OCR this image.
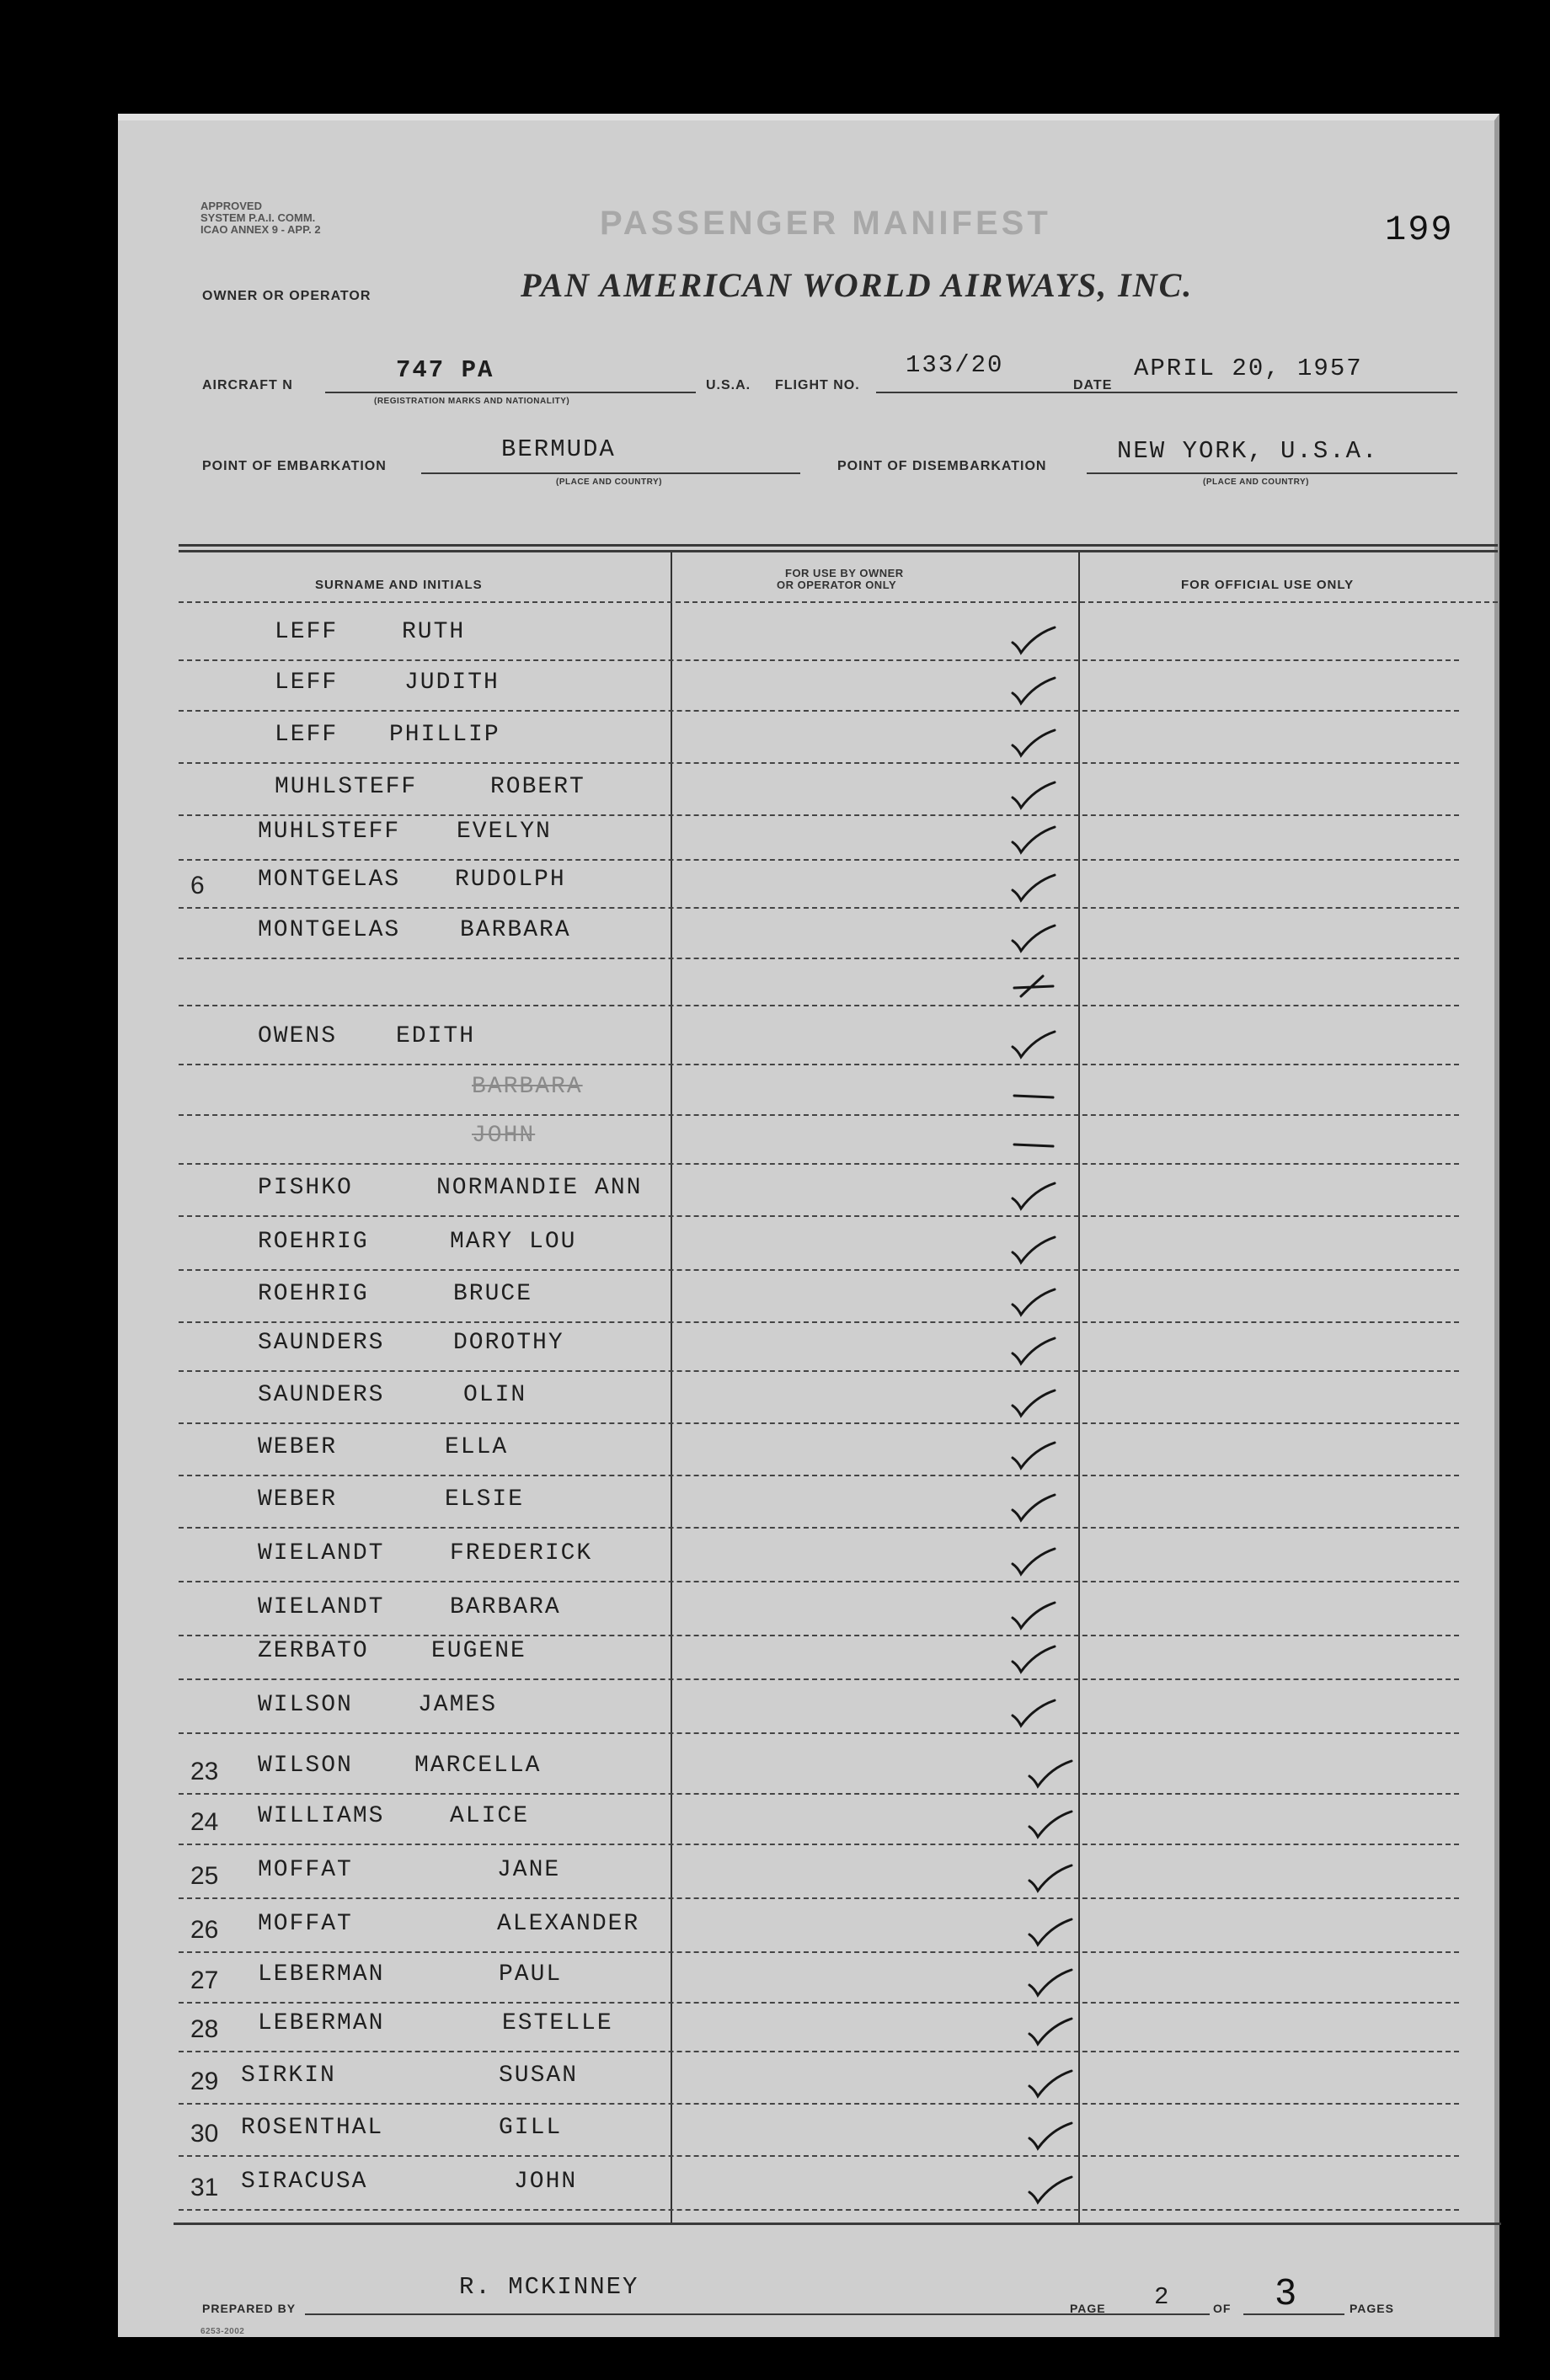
APPROVED
SYSTEM P.A.I. COMM.
ICAO ANNEX 9 - APP. 2	PASSENGER MANIFEST	199
OWNER OR OPERATOR	PAN AMERICAN WORLD AIRWAYS, INC.
AIRCRAFT N
747 PA
(REGISTRATION MARKS AND NATIONALITY)
U.S.A. FLIGHT NO.
133/20
DATE
APRIL 20, 1957
POINT OF EMBARKATION
BERMUDA
(PLACE AND COUNTRY)
POINT OF DISEMBARKATION
NEW YORK, U.S.A.
(PLACE AND COUNTRY)
SURNAME AND INITIALS
FOR USE BY OWNER
OR OPERATOR ONLY	FOR OFFICIAL USE ONLY
LEFF	RUTH
LEFF	JUDITH
LEFF PHILLIP
MUHLSTEFF	ROBERT
MUHLSTEFF EVELYN
6 MONTGELAS RUDOLPH
MONTGELAS	BARBARA
OWENS EDITH
BARBARA
JOHN
PISHKO	NORMANDIE ANN
ROEHRIG	MARY LOU
ROEHRIG	BRUCE
SAUNDERS	DOROTHY
SAUNDERS	OLIN
WEBER	ELLA
WEBER	ELSIE
WIELANDT	FREDERICK
WIELANDT	BARBARA
ZERBATO	EUGENE
WILSON	JAMES
23 WILSON	MARCELLA
24 WILLIAMS	ALICE
25 MOFFAT	JANE
26 MOFFAT	ALEXANDER
27 LEBERMAN	PAUL
28 LEBERMAN	ESTELLE
29 SIRKIN	SUSAN
30 ROSENTHAL	GILL
31 SIRACUSA	JOHN
PREPARED BY
R. MCKINNEY
PAGE 2	OF 3	PAGES
6253-2002
